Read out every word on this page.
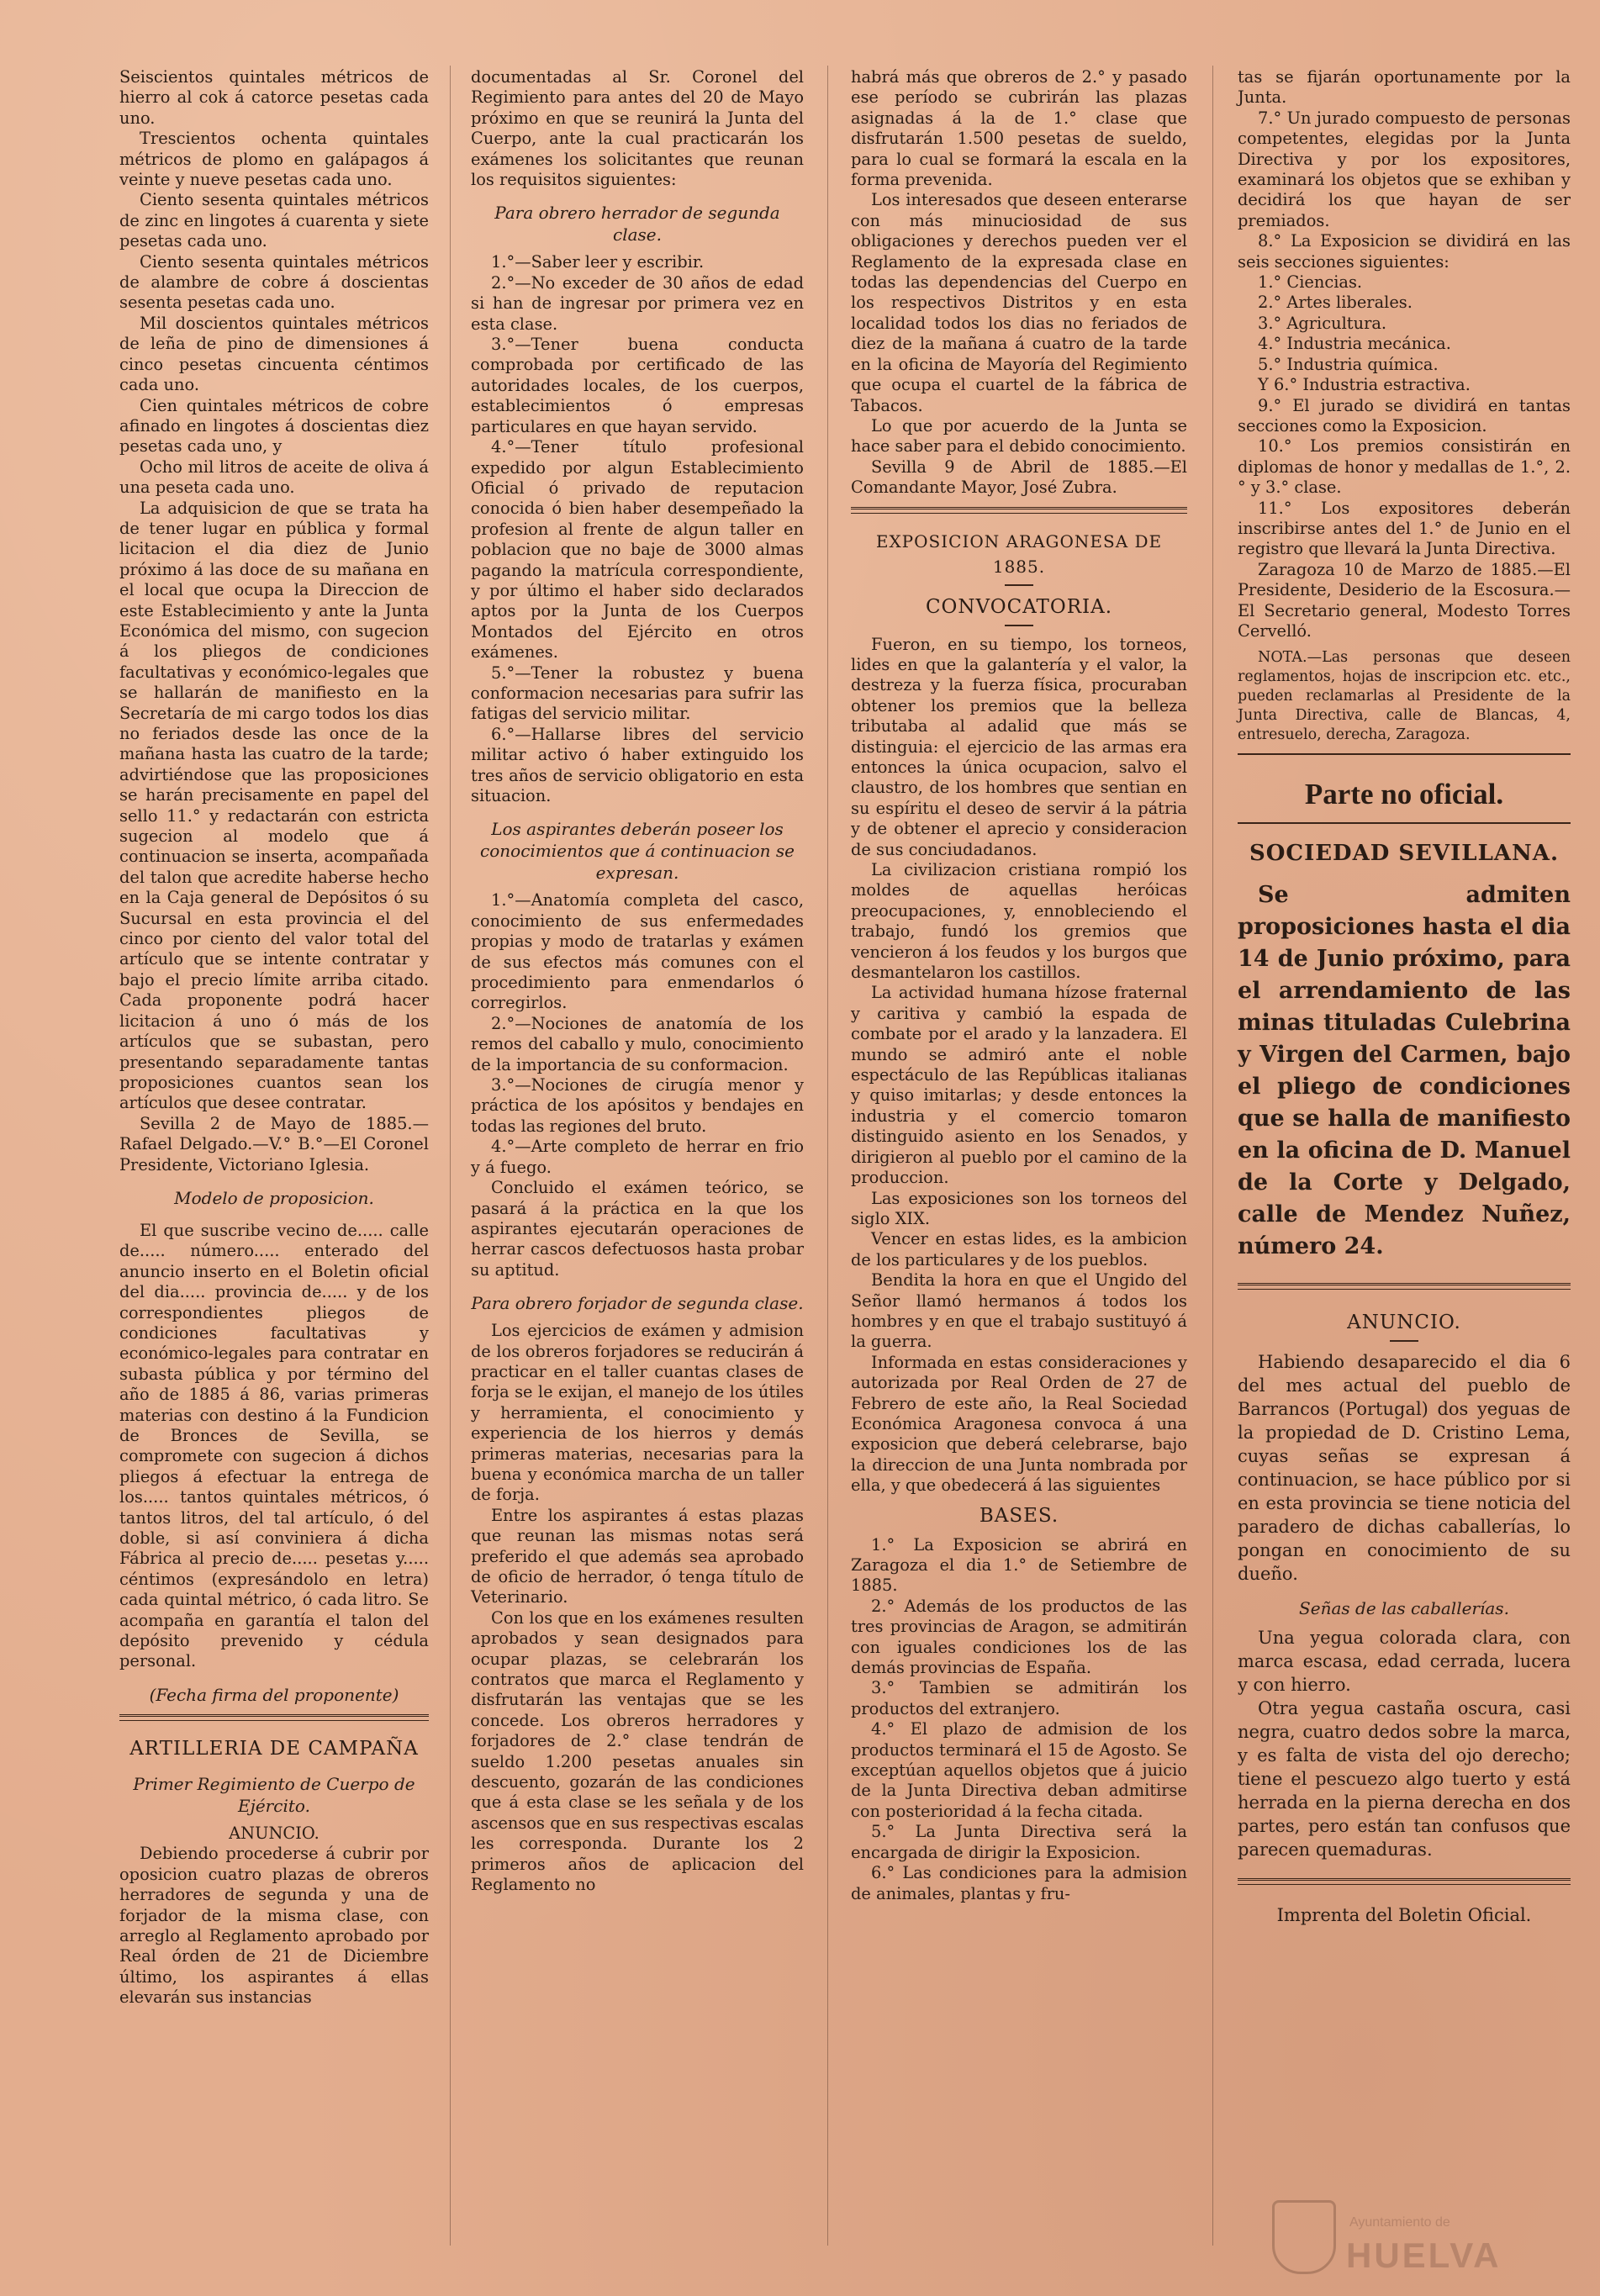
Seiscientos quintales métricos de hierro al cok á catorce pesetas cada uno.

Trescientos ochenta quintales métricos de plomo en galápagos á veinte y nueve pesetas cada uno.

Ciento sesenta quintales métricos de zinc en lingotes á cuarenta y siete pesetas cada uno.

Ciento sesenta quintales métricos de alambre de cobre á doscientas sesenta pesetas cada uno.

Mil doscientos quintales métricos de leña de pino de dimensiones á cinco pesetas cincuenta céntimos cada uno.

Cien quintales métricos de cobre afinado en lingotes á doscientas diez pesetas cada uno, y

Ocho mil litros de aceite de oliva á una peseta cada uno.

La adquisicion de que se trata ha de tener lugar en pública y formal licitacion el dia diez de Junio próximo á las doce de su mañana en el local que ocupa la Direccion de este Establecimiento y ante la Junta Económica del mismo, con sugecion á los pliegos de condiciones facultativas y económico-legales que se hallarán de manifiesto en la Secretaría de mi cargo todos los dias no feriados desde las once de la mañana hasta las cuatro de la tarde; advirtiéndose que las proposiciones se harán precisamente en papel del sello 11.° y redactarán con estricta sugecion al modelo que á continuacion se inserta, acompañada del talon que acredite haberse hecho en la Caja general de Depósitos ó su Sucursal en esta provincia el del cinco por ciento del valor total del artículo que se intente contratar y bajo el precio límite arriba citado. Cada proponente podrá hacer licitacion á uno ó más de los artículos que se subastan, pero presentando separadamente tantas proposiciones cuantos sean los artículos que desee contratar.

Sevilla 2 de Mayo de 1885.—Rafael Delgado.—V.° B.°—El Coronel Presidente, Victoriano Iglesia.

Modelo de proposicion.

El que suscribe vecino de..... calle de..... número..... enterado del anuncio inserto en el Boletin oficial del dia..... provincia de..... y de los correspondientes pliegos de condiciones facultativas y económico-legales para contratar en subasta pública y por término del año de 1885 á 86, varias primeras materias con destino á la Fundicion de Bronces de Sevilla, se compromete con sugecion á dichos pliegos á efectuar la entrega de los..... tantos quintales métricos, ó tantos litros, del tal artículo, ó del doble, si así conviniera á dicha Fábrica al precio de..... pesetas y..... céntimos (expresándolo en letra) cada quintal métrico, ó cada litro. Se acompaña en garantía el talon del depósito prevenido y cédula personal.

(Fecha firma del proponente)

ARTILLERIA DE CAMPAÑA

Primer Regimiento de Cuerpo de Ejército.

ANUNCIO.

Debiendo procederse á cubrir por oposicion cuatro plazas de obreros herradores de segunda y una de forjador de la misma clase, con arreglo al Reglamento aprobado por Real órden de 21 de Diciembre último, los aspirantes á ellas elevarán sus instancias

documentadas al Sr. Coronel del Regimiento para antes del 20 de Mayo próximo en que se reunirá la Junta del Cuerpo, ante la cual practicarán los exámenes los solicitantes que reunan los requisitos siguientes:

Para obrero herrador de segunda clase.

1.°—Saber leer y escribir.

2.°—No exceder de 30 años de edad si han de ingresar por primera vez en esta clase.

3.°—Tener buena conducta comprobada por certificado de las autoridades locales, de los cuerpos, establecimientos ó empresas particulares en que hayan servido.

4.°—Tener título profesional expedido por algun Establecimiento Oficial ó privado de reputacion conocida ó bien haber desempeñado la profesion al frente de algun taller en poblacion que no baje de 3000 almas pagando la matrícula correspondiente, y por último el haber sido declarados aptos por la Junta de los Cuerpos Montados del Ejército en otros exámenes.

5.°—Tener la robustez y buena conformacion necesarias para sufrir las fatigas del servicio militar.

6.°—Hallarse libres del servicio militar activo ó haber extinguido los tres años de servicio obligatorio en esta situacion.

Los aspirantes deberán poseer los conocimientos que á continuacion se expresan.

1.°—Anatomía completa del casco, conocimiento de sus enfermedades propias y modo de tratarlas y exámen de sus efectos más comunes con el procedimiento para enmendarlos ó corregirlos.

2.°—Nociones de anatomía de los remos del caballo y mulo, conocimiento de la importancia de su conformacion.

3.°—Nociones de cirugía menor y práctica de los apósitos y bendajes en todas las regiones del bruto.

4.°—Arte completo de herrar en frio y á fuego.

Concluido el exámen teórico, se pasará á la práctica en la que los aspirantes ejecutarán operaciones de herrar cascos defectuosos hasta probar su aptitud.

Para obrero forjador de segunda clase.

Los ejercicios de exámen y admision de los obreros forjadores se reducirán á practicar en el taller cuantas clases de forja se le exijan, el manejo de los útiles y herramienta, el conocimiento y experiencia de los hierros y demás primeras materias, necesarias para la buena y económica marcha de un taller de forja.

Entre los aspirantes á estas plazas que reunan las mismas notas será preferido el que además sea aprobado de oficio de herrador, ó tenga título de Veterinario.

Con los que en los exámenes resulten aprobados y sean designados para ocupar plazas, se celebrarán los contratos que marca el Reglamento y disfrutarán las ventajas que se les concede. Los obreros herradores y forjadores de 2.° clase tendrán de sueldo 1.200 pesetas anuales sin descuento, gozarán de las condiciones que á esta clase se les señala y de los ascensos que en sus respectivas escalas les corresponda. Durante los 2 primeros años de aplicacion del Reglamento no

habrá más que obreros de 2.° y pasado ese período se cubrirán las plazas asignadas á la de 1.° clase que disfrutarán 1.500 pesetas de sueldo, para lo cual se formará la escala en la forma prevenida.

Los interesados que deseen enterarse con más minuciosidad de sus obligaciones y derechos pueden ver el Reglamento de la expresada clase en todas las dependencias del Cuerpo en los respectivos Distritos y en esta localidad todos los dias no feriados de diez de la mañana á cuatro de la tarde en la oficina de Mayoría del Regimiento que ocupa el cuartel de la fábrica de Tabacos.

Lo que por acuerdo de la Junta se hace saber para el debido conocimiento.

Sevilla 9 de Abril de 1885.—El Comandante Mayor, José Zubra.

EXPOSICION ARAGONESA DE 1885.

CONVOCATORIA.

Fueron, en su tiempo, los torneos, lides en que la galantería y el valor, la destreza y la fuerza física, procuraban obtener los premios que la belleza tributaba al adalid que más se distinguia: el ejercicio de las armas era entonces la única ocupacion, salvo el claustro, de los hombres que sentian en su espíritu el deseo de servir á la pátria y de obtener el aprecio y consideracion de sus conciudadanos.

La civilizacion cristiana rompió los moldes de aquellas heróicas preocupaciones, y, ennobleciendo el trabajo, fundó los gremios que vencieron á los feudos y los burgos que desmantelaron los castillos.

La actividad humana hízose fraternal y caritiva y cambió la espada de combate por el arado y la lanzadera. El mundo se admiró ante el noble espectáculo de las Repúblicas italianas y quiso imitarlas; y desde entonces la industria y el comercio tomaron distinguido asiento en los Senados, y dirigieron al pueblo por el camino de la produccion.

Las exposiciones son los torneos del siglo XIX.

Vencer en estas lides, es la ambicion de los particulares y de los pueblos.

Bendita la hora en que el Ungido del Señor llamó hermanos á todos los hombres y en que el trabajo sustituyó á la guerra.

Informada en estas consideraciones y autorizada por Real Orden de 27 de Febrero de este año, la Real Sociedad Económica Aragonesa convoca á una exposicion que deberá celebrarse, bajo la direccion de una Junta nombrada por ella, y que obedecerá á las siguientes

BASES.

1.° La Exposicion se abrirá en Zaragoza el dia 1.° de Setiembre de 1885.

2.° Además de los productos de las tres provincias de Aragon, se admitirán con iguales condiciones los de las demás provincias de España.

3.° Tambien se admitirán los productos del extranjero.

4.° El plazo de admision de los productos terminará el 15 de Agosto. Se exceptúan aquellos objetos que á juicio de la Junta Directiva deban admitirse con posterioridad á la fecha citada.

5.° La Junta Directiva será la encargada de dirigir la Exposicion.

6.° Las condiciones para la admision de animales, plantas y fru-

tas se fijarán oportunamente por la Junta.

7.° Un jurado compuesto de personas competentes, elegidas por la Junta Directiva y por los expositores, examinará los objetos que se exhiban y decidirá los que hayan de ser premiados.

8.° La Exposicion se dividirá en las seis secciones siguientes:

1.° Ciencias.

2.° Artes liberales.

3.° Agricultura.

4.° Industria mecánica.

5.° Industria química.

Y 6.° Industria estractiva.

9.° El jurado se dividirá en tantas secciones como la Exposicion.

10.° Los premios consistirán en diplomas de honor y medallas de 1.°, 2.° y 3.° clase.

11.° Los expositores deberán inscribirse antes del 1.° de Junio en el registro que llevará la Junta Directiva.

Zaragoza 10 de Marzo de 1885.—El Presidente, Desiderio de la Escosura.—El Secretario general, Modesto Torres Cervelló.

NOTA.—Las personas que deseen reglamentos, hojas de inscripcion etc. etc., pueden reclamarlas al Presidente de la Junta Directiva, calle de Blancas, 4, entresuelo, derecha, Zaragoza.

Parte no oficial.

SOCIEDAD SEVILLANA.

Se admiten proposiciones hasta el dia 14 de Junio próximo, para el arrendamiento de las minas tituladas Culebrina y Virgen del Carmen, bajo el pliego de condiciones que se halla de manifiesto en la oficina de D. Manuel de la Corte y Delgado, calle de Mendez Nuñez, número 24.

ANUNCIO.

Habiendo desaparecido el dia 6 del mes actual del pueblo de Barrancos (Portugal) dos yeguas de la propiedad de D. Cristino Lema, cuyas señas se expresan á continuacion, se hace público por si en esta provincia se tiene noticia del paradero de dichas caballerías, lo pongan en conocimiento de su dueño.

Señas de las caballerías.

Una yegua colorada clara, con marca escasa, edad cerrada, lucera y con hierro.

Otra yegua castaña oscura, casi negra, cuatro dedos sobre la marca, y es falta de vista del ojo derecho; tiene el pescuezo algo tuerto y está herrada en la pierna derecha en dos partes, pero están tan confusos que parecen quemaduras.

Imprenta del Boletin Oficial.

Ayuntamiento de
HUELVA
